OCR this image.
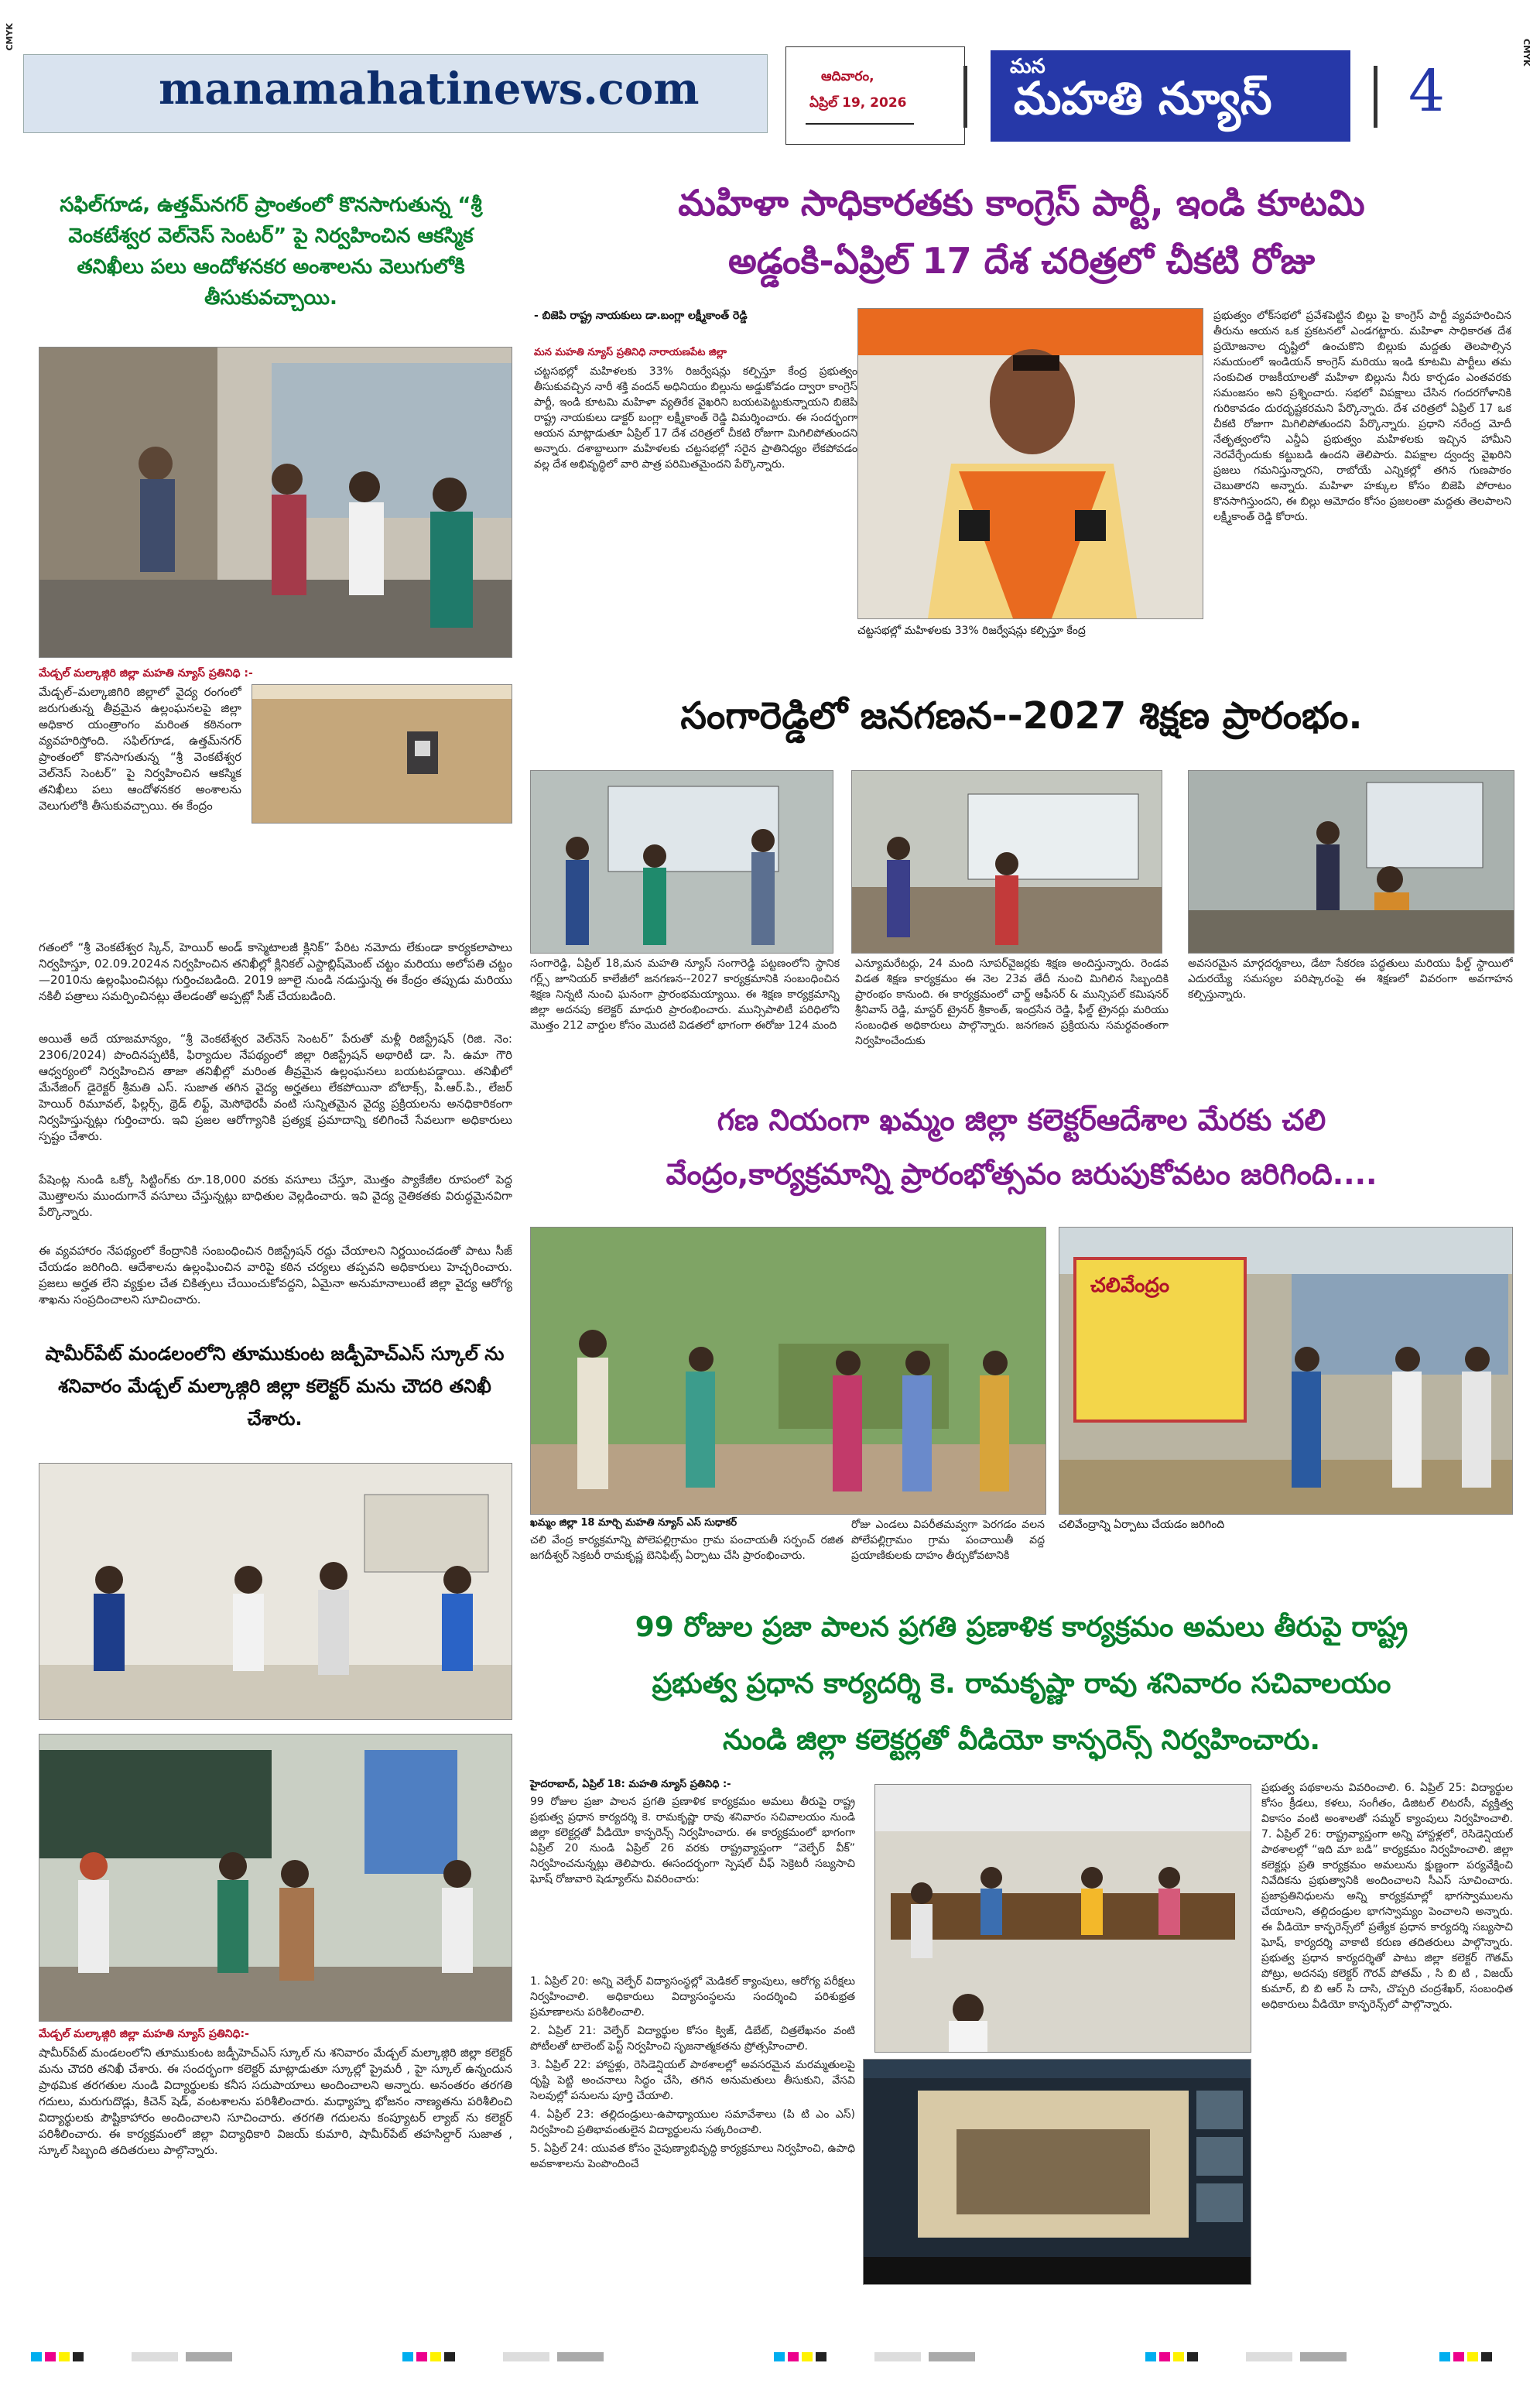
CMYK
CMYK
manamahatinews.com	ఆదివారం,
ఏప్రిల్ 19, 2026
మన
మహతి న్యూస్ 4
సఫిల్‌గూడ, ఉత్తమ్‌నగర్ ప్రాంతంలో కొనసాగుతున్న “శ్రీ వెంకటేశ్వర వెల్‌నెస్ సెంటర్” పై నిర్వహించిన ఆకస్మిక తనిఖీలు పలు ఆందోళనకర అంశాలను వెలుగులోకి తీసుకువచ్చాయి.
మేడ్చల్ మల్కాజ్గిరి జిల్లా మహతి న్యూస్ ప్రతినిధి :-
మేడ్చల్–మల్కాజిగిరి జిల్లాలో వైద్య రంగంలో జరుగుతున్న తీవ్రమైన ఉల్లంఘనలపై జిల్లా అధికార యంత్రాంగం మరింత కఠినంగా వ్యవహరిస్తోంది. సఫిల్‌గూడ, ఉత్తమ్‌నగర్ ప్రాంతంలో కొనసాగుతున్న “శ్రీ వెంకటేశ్వర వెల్‌నెస్ సెంటర్” పై నిర్వహించిన ఆకస్మిక తనిఖీలు పలు ఆందోళనకర అంశాలను వెలుగులోకి తీసుకువచ్చాయి. ఈ కేంద్రం
గతంలో “శ్రీ వెంకటేశ్వర స్కిన్, హెయిర్ అండ్ కాస్మెటాలజీ క్లినిక్” పేరిట నమోదు లేకుండా కార్యకలాపాలు నిర్వహిస్తూ, 02.09.2024న నిర్వహించిన తనిఖీల్లో క్లినికల్ ఎస్టాబ్లిష్‌మెంట్ చట్టం మరియు అలోపతి చట్టం—2010ను ఉల్లంఘించినట్లు గుర్తించబడింది. 2019 జూలై నుండి నడుస్తున్న ఈ కేంద్రం తప్పుడు మరియు నకిలీ పత్రాలు సమర్పించినట్లు తేలడంతో అప్పట్లో సీజ్ చేయబడింది.
అయితే అదే యాజమాన్యం, “శ్రీ వెంకటేశ్వర వెల్‌నెస్ సెంటర్” పేరుతో మళ్లీ రిజిస్ట్రేషన్ (రిజి. నెం: 2306/2024) పొందినప్పటికీ, ఫిర్యాదుల నేపథ్యంలో జిల్లా రిజిస్ట్రేషన్ అథారిటీ డా. సి. ఉమా గౌరి ఆధ్వర్యంలో నిర్వహించిన తాజా తనిఖీల్లో మరింత తీవ్రమైన ఉల్లంఘనలు బయటపడ్డాయి. తనిఖీలో మేనేజింగ్ డైరెక్టర్ శ్రీమతి ఎస్. సుజాత తగిన వైద్య అర్హతలు లేకపోయినా బోటాక్స్, పి.ఆర్.పి., లేజర్ హెయిర్ రిమూవల్, ఫిల్లర్స్, థ్రెడ్ లిఫ్ట్, మెసోథెరపీ వంటి సున్నితమైన వైద్య ప్రక్రియలను అనధికారికంగా నిర్వహిస్తున్నట్లు గుర్తించారు. ఇవి ప్రజల ఆరోగ్యానికి ప్రత్యక్ష ప్రమాదాన్ని కలిగించే సేవలుగా అధికారులు స్పష్టం చేశారు.
పేషెంట్ల నుండి ఒక్కో సిట్టింగ్‌కు రూ.18,000 వరకు వసూలు చేస్తూ, మొత్తం ప్యాకేజీల రూపంలో పెద్ద మొత్తాలను ముందుగానే వసూలు చేస్తున్నట్లు బాధితుల వెల్లడించారు. ఇవి వైద్య నైతికతకు విరుద్ధమైనవిగా పేర్కొన్నారు.
ఈ వ్యవహారం నేపథ్యంలో కేంద్రానికి సంబంధించిన రిజిస్ట్రేషన్ రద్దు చేయాలని నిర్ణయించడంతో పాటు సీజ్ చేయడం జరిగింది. ఆదేశాలను ఉల్లంఘించిన వారిపై కఠిన చర్యలు తప్పవని అధికారులు హెచ్చరించారు. ప్రజలు అర్హత లేని వ్యక్తుల చేత చికిత్సలు చేయించుకోవద్దని, ఏమైనా అనుమానాలుంటే జిల్లా వైద్య ఆరోగ్య శాఖను సంప్రదించాలని సూచించారు.
షామీర్‌పేట్ మండలంలోని తూముకుంట జడ్పీహెచ్ఎస్ స్కూల్ ను శనివారం మేడ్చల్ మల్కాజ్గిరి జిల్లా కలెక్టర్ మను చౌదరి తనిఖీ చేశారు.
మేడ్చల్ మల్కాజ్గిరి జిల్లా మహతి న్యూస్ ప్రతినిధి:-
షామీర్‌పేట్ మండలంలోని తూముకుంట జడ్పీహెచ్ఎస్ స్కూల్ ను శనివారం మేడ్చల్ మల్కాజ్గిరి జిల్లా కలెక్టర్ మను చౌదరి తనిఖీ చేశారు. ఈ సందర్భంగా కలెక్టర్ మాట్లాడుతూ స్కూల్లో ప్రైమరీ , హై స్కూల్ ఉన్నందున ప్రాథమిక తరగతుల నుండి విద్యార్థులకు కనీస సదుపాయాలు అందించాలని అన్నారు. అనంతరం తరగతి గదులు, మరుగుదొడ్లు, కిచెన్ షెడ్, వంటశాలను పరిశీలించారు. మధ్యాహ్న భోజనం నాణ్యతను పరిశీలించి విద్యార్థులకు పౌష్టికాహారం అందించాలని సూచించారు. తరగతి గదులను కంప్యూటర్ ల్యాబ్ ను కలెక్టర్ పరిశీలించారు. ఈ కార్యక్రమంలో జిల్లా విద్యాధికారి విజయ్ కుమారి, షామీర్‌పేట్ తహసిల్దార్ సుజాత , స్కూల్ సిబ్బంది తదితరులు పాల్గొన్నారు.
మహిళా సాధికారతకు కాంగ్రెస్ పార్టీ, ఇండి కూటమి
అడ్డంకి-ఏప్రిల్ 17 దేశ చరిత్రలో చీకటి రోజు
- బిజెపి రాష్ట్ర నాయకులు డా.బంగ్లా లక్ష్మీకాంత్ రెడ్డి
మన మహతి న్యూస్ ప్రతినిధి నారాయణపేట జిల్లా
చట్టసభల్లో మహిళలకు 33% రిజర్వేషన్లు కల్పిస్తూ కేంద్ర ప్రభుత్వం తీసుకువచ్చిన నారీ శక్తి వందన్ అధినియం బిల్లును అడ్డుకోవడం ద్వారా కాంగ్రెస్ పార్టీ, ఇండి కూటమి మహిళా వ్యతిరేక వైఖరిని బయటపెట్టుకున్నాయని బిజెపి రాష్ట్ర నాయకులు డాక్టర్ బంగ్లా లక్ష్మీకాంత్ రెడ్డి విమర్శించారు. ఈ సందర్భంగా ఆయన మాట్లాడుతూ ఏప్రిల్ 17 దేశ చరిత్రలో చీకటి రోజుగా మిగిలిపోతుందని అన్నారు. దశాబ్దాలుగా మహిళలకు చట్టసభల్లో సరైన ప్రాతినిధ్యం లేకపోవడం వల్ల దేశ అభివృద్ధిలో వారి పాత్ర పరిమితమైందని పేర్కొన్నారు.
చట్టసభల్లో మహిళలకు 33% రిజర్వేషన్లు కల్పిస్తూ కేంద్ర
ప్రభుత్వం లోక్‌సభలో ప్రవేశపెట్టిన బిల్లు పై కాంగ్రెస్ పార్టీ వ్యవహరించిన తీరును ఆయన ఒక ప్రకటనలో ఎండగట్టారు. మహిళా సాధికారత దేశ ప్రయోజనాల దృష్టిలో ఉంచుకొని బిల్లుకు మద్దతు తెలపాల్సిన సమయంలో ఇండియన్ కాంగ్రెస్ మరియు ఇండి కూటమి పార్టీలు తమ సంకుచిత రాజకీయాలతో మహిళా బిల్లును నీరు కార్చడం ఎంతవరకు సమంజసం అని ప్రశ్నించారు. సభలో విపక్షాలు చేసిన గందరగోళానికి గురికావడం దురదృష్టకరమని పేర్కొన్నారు. దేశ చరిత్రలో ఏప్రిల్ 17 ఒక చీకటి రోజుగా మిగిలిపోతుందని పేర్కొన్నారు. ప్రధాని నరేంద్ర మోదీ నేతృత్వంలోని ఎన్డీఏ ప్రభుత్వం మహిళలకు ఇచ్చిన హామీని నెరవేర్చేందుకు కట్టుబడి ఉందని తెలిపారు. విపక్షాల ద్వంద్వ వైఖరిని ప్రజలు గమనిస్తున్నారని, రాబోయే ఎన్నికల్లో తగిన గుణపాఠం చెబుతారని అన్నారు. మహిళా హక్కుల కోసం బిజెపి పోరాటం కొనసాగిస్తుందని, ఈ బిల్లు ఆమోదం కోసం ప్రజలంతా మద్దతు తెలపాలని లక్ష్మీకాంత్ రెడ్డి కోరారు.
సంగారెడ్డిలో జనగణన--2027 శిక్షణ ప్రారంభం.
సంగారెడ్డి, ఏప్రిల్ 18,మన మహతి న్యూస్ సంగారెడ్డి పట్టణంలోని స్థానిక గర్ల్స్ జూనియర్ కాలేజీలో జనగణన--2027 కార్యక్రమానికి సంబంధించిన శిక్షణ నిన్నటి నుంచి ఘనంగా ప్రారంభమయ్యాయి. ఈ శిక్షణ కార్యక్రమాన్ని జిల్లా అదనపు కలెక్టర్ మాధురి ప్రారంభించారు. మున్సిపాలిటీ పరిధిలోని మొత్తం 212 వార్డుల కోసం మొదటి విడతలో భాగంగా ఈరోజు 124 మంది
ఎన్యూమరేటర్లు, 24 మంది సూపర్‌వైజర్లకు శిక్షణ అందిస్తున్నారు. రెండవ విడత శిక్షణ కార్యక్రమం ఈ నెల 23వ తేదీ నుంచి మిగిలిన సిబ్బందికి ప్రారంభం కానుంది. ఈ కార్యక్రమంలో చార్జ్ ఆఫీసర్ & మున్సిపల్ కమిషనర్ శ్రీనివాస్ రెడ్డి, మాస్టర్ ట్రైనర్ శ్రీకాంత్, ఇంద్రసేన రెడ్డి, ఫీల్డ్ ట్రైనర్లు మరియు సంబంధిత అధికారులు పాల్గొన్నారు. జనగణన ప్రక్రియను సమర్థవంతంగా నిర్వహించేందుకు
అవసరమైన మార్గదర్శకాలు, డేటా సేకరణ పద్ధతులు మరియు ఫీల్డ్ స్థాయిలో ఎదురయ్యే సమస్యల పరిష్కారంపై ఈ శిక్షణలో వివరంగా అవగాహన కల్పిస్తున్నారు.
గణ నియంగా ఖమ్మం జిల్లా కలెక్టర్ఆదేశాల మేరకు చలి
వేంద్రం,కార్యక్రమాన్ని ప్రారంభోత్సవం జరుపుకోవటం జరిగింది....
చలివేంద్రం
ఖమ్మం జిల్లా 18 మార్చి మహతి న్యూస్ ఎస్ సుధాకర్
చలి వేంద్ర కార్యక్రమాన్ని పోలెపల్లిగ్రామం గ్రామ పంచాయతీ సర్పంచ్ రజిత జగదీశ్వర్ సెక్రటరీ రామకృష్ణ బెనిఫిట్స్ ఏర్పాటు చేసి ప్రారంభించారు.
రోజు ఎండలు విపరీతమవ్వగా పెరగడం వలన పోలేపల్లిగ్రామం గ్రామ పంచాయితీ వద్ద ప్రయాణికులకు దాహం తీర్చుకోవటానికి
చలివేంద్రాన్ని ఏర్పాటు చేయడం జరిగింది
99 రోజుల ప్రజా పాలన ప్రగతి ప్రణాళిక కార్యక్రమం అమలు తీరుపై రాష్ట్ర
ప్రభుత్వ ప్రధాన కార్యదర్శి కె. రామకృష్ణా రావు శనివారం సచివాలయం
నుండి జిల్లా కలెక్టర్లతో వీడియో కాన్ఫరెన్స్ నిర్వహించారు.
హైదరాబాద్, ఏప్రిల్ 18: మహతి న్యూస్ ప్రతినిధి :-
99 రోజుల ప్రజా పాలన ప్రగతి ప్రణాళిక కార్యక్రమం అమలు తీరుపై రాష్ట్ర ప్రభుత్వ ప్రధాన కార్యదర్శి కె. రామకృష్ణా రావు శనివారం సచివాలయం నుండి జిల్లా కలెక్టర్లతో వీడియో కాన్ఫరెన్స్ నిర్వహించారు. ఈ కార్యక్రమంలో భాగంగా ఏప్రిల్ 20 నుండి ఏప్రిల్ 26 వరకు రాష్ట్రవ్యాప్తంగా “వెల్ఫేర్ వీక్” నిర్వహించనున్నట్లు తెలిపారు. ఈసందర్భంగా స్పెషల్ చీఫ్ సెక్రెటరీ సబ్యసాచి ఘోష్ రోజువారి షెడ్యూల్‌ను వివరించారు:

1. ఏప్రిల్ 20: అన్ని వెల్ఫేర్ విద్యాసంస్థల్లో మెడికల్ క్యాంపులు, ఆరోగ్య పరీక్షలు నిర్వహించాలి. అధికారులు విద్యాసంస్థలను సందర్శించి పరిశుభ్రత ప్రమాణాలను పరిశీలించాలి.

2. ఏప్రిల్ 21: వెల్ఫేర్ విద్యార్థుల కోసం క్విజ్, డిబేట్, చిత్రలేఖనం వంటి పోటీలతో టాలెంట్ ఫెస్ట్ నిర్వహించి సృజనాత్మకతను ప్రోత్సహించాలి.

3. ఏప్రిల్ 22: హాస్టళ్లు, రెసిడెన్షియల్ పాఠశాలల్లో అవసరమైన మరమ్మతులపై దృష్టి పెట్టి అంచనాలు సిద్ధం చేసి, తగిన అనుమతులు తీసుకుని, వేసవి సెలవుల్లో పనులను పూర్తి చేయాలి.

4. ఏప్రిల్ 23: తల్లిదండ్రులు-ఉపాధ్యాయుల సమావేశాలు (పి టి ఎం ఎస్) నిర్వహించి ప్రతిభావంతులైన విద్యార్థులను సత్కరించాలి.

5. ఏప్రిల్ 24: యువత కోసం నైపుణ్యాభివృద్ధి కార్యక్రమాలు నిర్వహించి, ఉపాధి అవకాశాలను పెంపొందించే

ప్రభుత్వ పథకాలను వివరించాలి. 6. ఏప్రిల్ 25: విద్యార్థుల కోసం క్రీడలు, కళలు, సంగీతం, డిజిటల్ లిటరసీ, వ్యక్తిత్వ వికాసం వంటి అంశాలతో సమ్మర్ క్యాంపులు నిర్వహించాలి. 7. ఏప్రిల్ 26: రాష్ట్రవ్యాప్తంగా అన్ని హాస్టళ్లలో, రెసిడెన్షియల్ పాఠశాలల్లో “ఇది మా బడి” కార్యక్రమం నిర్వహించాలి. జిల్లా కలెక్టర్లు ప్రతి కార్యక్రమం అమలును క్షుణ్ణంగా పర్యవేక్షించి నివేదికను ప్రభుత్వానికి అందించాలని సీఎస్ సూచించారు. ప్రజాప్రతినిధులను అన్ని కార్యక్రమాల్లో భాగస్వాములను చేయాలని, తల్లిదండ్రుల భాగస్వామ్యం పెంచాలని అన్నారు. ఈ వీడియో కాన్ఫరెన్స్‌లో ప్రత్యేక ప్రధాన కార్యదర్శి సబ్యసాచి ఘోష్, కార్యదర్శి వాకాటి కరుణ తదితరులు పాల్గొన్నారు. ప్రభుత్వ ప్రధాన కార్యదర్శితో పాటు జిల్లా కలెక్టర్ గౌతమ్ పోట్రు, అదనపు కలెక్టర్ గౌరవ్ పోతమ్ , సి బి టి , విజయ్ కుమార్, బి బి ఆర్ సి దాసి, చొప్పరి చంద్రశేఖర్, సంబంధిత అధికారులు వీడియో కాన్ఫరెన్స్‌లో పాల్గొన్నారు.
